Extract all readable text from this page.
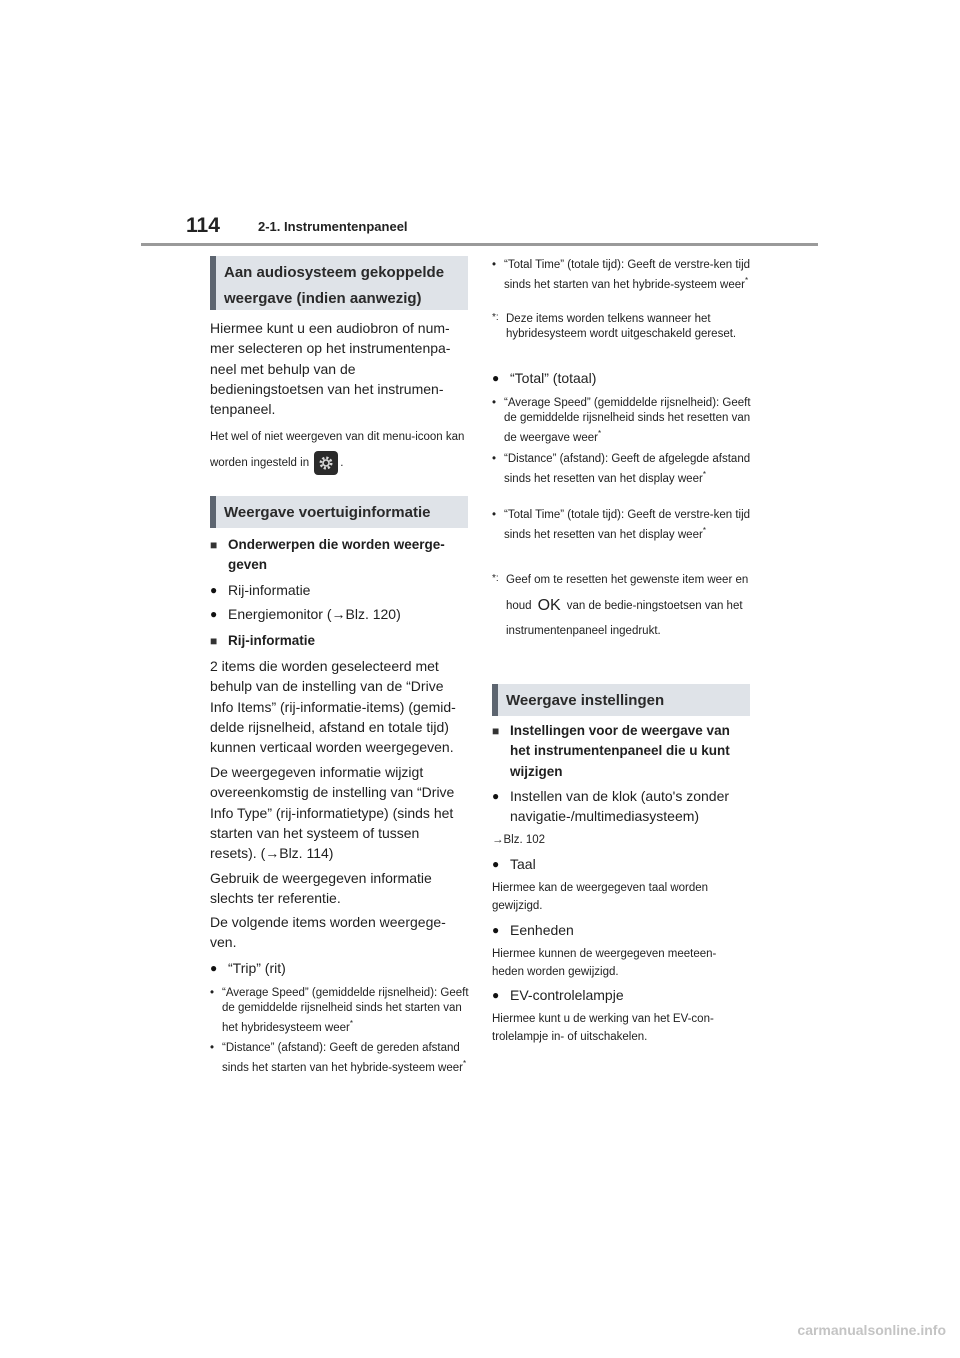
114	2-1. Instrumentenpaneel
Aan audiosysteem gekoppelde weergave (indien aanwezig)
Hiermee kunt u een audiobron of num-mer selecteren op het instrumentenpa-neel met behulp van de bedieningstoetsen van het instrumen-tenpaneel.
Het wel of niet weergeven van dit menu-icoon kan worden ingesteld in	.
Weergave voertuiginformatie
■ Onderwerpen die worden weerge-geven
● Rij-informatie
● Energiemonitor (→Blz. 120)
■ Rij-informatie
2 items die worden geselecteerd met behulp van de instelling van de “Drive Info Items” (rij-informatie-items) (gemid-delde rijsnelheid, afstand en totale tijd) kunnen verticaal worden weergegeven.
De weergegeven informatie wijzigt overeenkomstig de instelling van “Drive Info Type” (rij-informatietype) (sinds het starten van het systeem of tussen resets). (→Blz. 114)
Gebruik de weergegeven informatie slechts ter referentie.
De volgende items worden weergege-ven.
● “Trip” (rit)
• “Average Speed” (gemiddelde rijsnelheid): Geeft de gemiddelde rijsnelheid sinds het starten van het hybridesysteem weer*
• “Distance” (afstand): Geeft de gereden afstand sinds het starten van het hybride-systeem weer*
• “Total Time” (totale tijd): Geeft de verstre-ken tijd sinds het starten van het hybride-systeem weer*
*: Deze items worden telkens wanneer het hybridesysteem wordt uitgeschakeld gereset.
● “Total” (totaal)
• “Average Speed” (gemiddelde rijsnelheid): Geeft de gemiddelde rijsnelheid sinds het resetten van de weergave weer*
• “Distance” (afstand): Geeft de afgelegde afstand sinds het resetten van het display weer*
• “Total Time” (totale tijd): Geeft de verstre-ken tijd sinds het resetten van het display weer*
*: Geef om te resetten het gewenste item weer en houd OK van de bedie-ningstoetsen van het instrumentenpaneel ingedrukt.
Weergave instellingen
■ Instellingen voor de weergave van het instrumentenpaneel die u kunt wijzigen
● Instellen van de klok (auto's zonder navigatie-/multimediasysteem)
→Blz. 102
● Taal
Hiermee kan de weergegeven taal worden gewijzigd.
● Eenheden
Hiermee kunnen de weergegeven meeteen-heden worden gewijzigd.
● EV-controlelampje
Hiermee kunt u de werking van het EV-con-trolelampje in- of uitschakelen.
carmanualsonline.info
